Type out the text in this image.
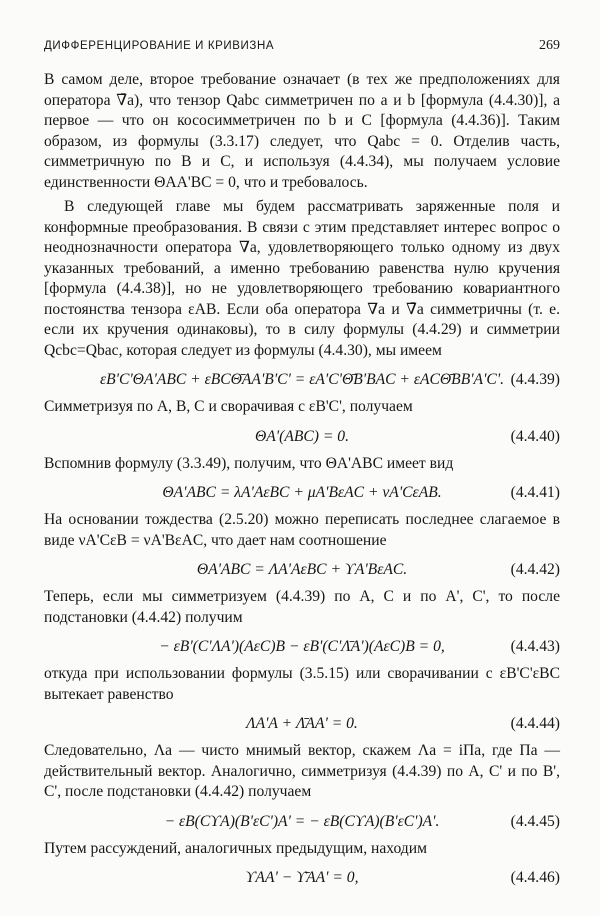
ДИФФЕРЕНЦИРОВАНИЕ И КРИВИЗНА	269

В самом деле, второе требование означает (в тех же предположениях для оператора ∇̄a), что тензор Qabc симметричен по a и b [формула (4.4.30)], а первое — что он кососимметричен по b и C [формула (4.4.36)]. Таким образом, из формулы (3.3.17) следует, что Qabc = 0. Отделив часть, симметричную по B и C, и используя (4.4.34), мы получаем условие единственности ΘAA'BC = 0, что и требовалось.

В следующей главе мы будем рассматривать заряженные поля и конформные преобразования. В связи с этим представляет интерес вопрос о неоднозначности оператора ∇a, удовлетворяющего только одному из двух указанных требований, а именно требованию равенства нулю кручения [формула (4.4.38)], но не удовлетворяющего требованию ковариантного постоянства тензора εAB. Если оба оператора ∇a и ∇̄a симметричны (т. е. если их кручения одинаковы), то в силу формулы (4.4.29) и симметрии Qcbc=Qbac, которая следует из формулы (4.4.30), мы имеем

εB'C'ΘA'ABC + εBCΘ̄AA'B'C' = εA'C'Θ̄B'BAC + εACΘ̄BB'A'C'. (4.4.39)

Симметризуя по A, B, C и сворачивая с εB'C', получаем

ΘA'(ABC) = 0.	(4.4.40)

Вспомнив формулу (3.3.49), получим, что ΘA'ABC имеет вид

ΘA'ABC = λA'AεBC + μA'BεAC + νA'CεAB.	(4.4.41)

На основании тождества (2.5.20) можно переписать последнее слагаемое в виде νA'CεB = νA'BεAC, что дает нам соотношение

ΘA'ABC = ΛA'AεBC + ϒA'BεAC.	(4.4.42)

Теперь, если мы симметризуем (4.4.39) по A, C и по A', C', то после подстановки (4.4.42) получим

− εB'(C'ΛA')(AεC)B − εB'(C'Λ̄A')(AεC)B = 0,	(4.4.43)

откуда при использовании формулы (3.5.15) или сворачивании с εB'C'εBC вытекает равенство

ΛA'A + Λ̄AA' = 0.	(4.4.44)

Следовательно, Λa — чисто мнимый вектор, скажем Λa = iΠa, где Πa — действительный вектор. Аналогично, симметризуя (4.4.39) по A, C' и по B', C', после подстановки (4.4.42) получаем

− εB(CϒA)(B'εC')A' = − εB(CϒA)(B'εC')A'.	(4.4.45)

Путем рассуждений, аналогичных предыдущим, находим

ϒAA' − ϒ̄AA' = 0,	(4.4.46)
